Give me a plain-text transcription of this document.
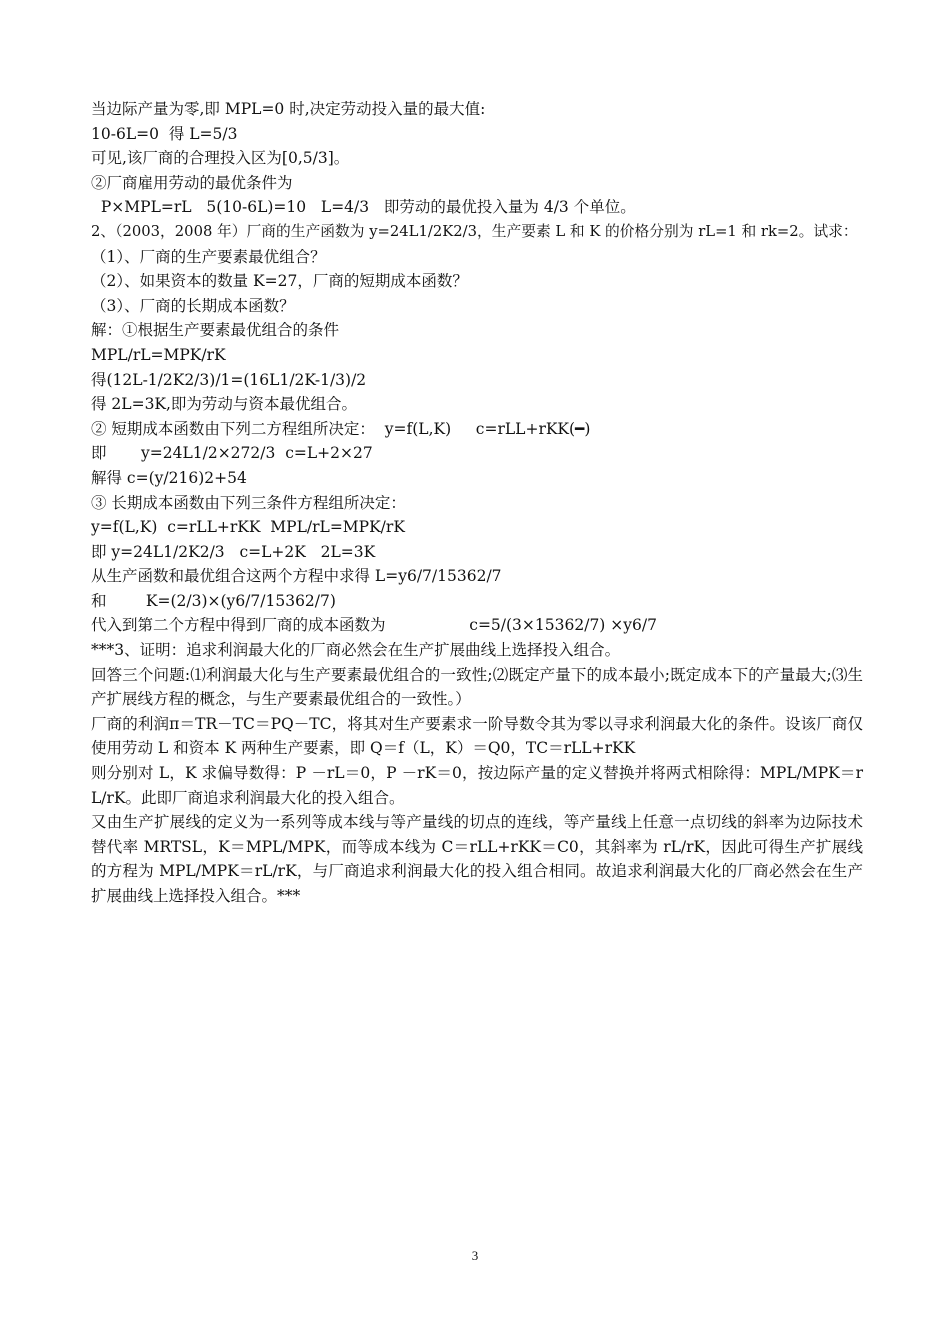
当边际产量为零,即 MPL=0 时,决定劳动投入量的最大值:
10-6L=0  得 L=5/3
可见,该厂商的合理投入区为[0,5/3]。
②厂商雇用劳动的最优条件为
P×MPL=rL   5(10-6L)=10   L=4/3   即劳动的最优投入量为 4/3 个单位。
2、（2003，2008 年）厂商的生产函数为 y=24L1/2K2/3，生产要素 L 和 K 的价格分别为 rL=1 和 rk=2。试求：
（1）、厂商的生产要素最优组合？
（2）、如果资本的数量 K=27，厂商的短期成本函数？
（3）、厂商的长期成本函数？
解：①根据生产要素最优组合的条件
MPL/rL=MPK/rK
得(12L-1/2K2/3)/1=(16L1/2K-1/3)/2
得 2L=3K,即为劳动与资本最优组合。
② 短期成本函数由下列二方程组所决定：  y=f(L,K)     c=rLL+rKK(━)
即       y=24L1/2×272/3  c=L+2×27
解得 c=(y/216)2+54
③ 长期成本函数由下列三条件方程组所决定：
y=f(L,K)  c=rLL+rKK  MPL/rL=MPK/rK
即 y=24L1/2K2/3   c=L+2K   2L=3K
从生产函数和最优组合这两个方程中求得 L=y6/7/15362/7
和        K=(2/3)×(y6/7/15362/7)
代入到第二个方程中得到厂商的成本函数为                 c=5/(3×15362/7) ×y6/7
***3、证明：追求利润最大化的厂商必然会在生产扩展曲线上选择投入组合。
回答三个问题:⑴利润最大化与生产要素最优组合的一致性;⑵既定产量下的成本最小;既定成本下的产量最大;⑶生产扩展线方程的概念，与生产要素最优组合的一致性。）
厂商的利润π＝TR－TC＝PQ－TC，将其对生产要素求一阶导数令其为零以寻求利润最大化的条件。设该厂商仅使用劳动 L 和资本 K 两种生产要素，即 Q＝f（L，K）＝Q0，TC＝rLL+rKK
则分别对 L，K 求偏导数得：P －rL＝0，P －rK＝0，按边际产量的定义替换并将两式相除得：MPL/MPK＝rL/rK。此即厂商追求利润最大化的投入组合。
又由生产扩展线的定义为一系列等成本线与等产量线的切点的连线，等产量线上任意一点切线的斜率为边际技术替代率 MRTSL，K＝MPL/MPK，而等成本线为 C＝rLL+rKK＝C0，其斜率为 rL/rK，因此可得生产扩展线的方程为 MPL/MPK＝rL/rK，与厂商追求利润最大化的投入组合相同。故追求利润最大化的厂商必然会在生产扩展曲线上选择投入组合。***
3
